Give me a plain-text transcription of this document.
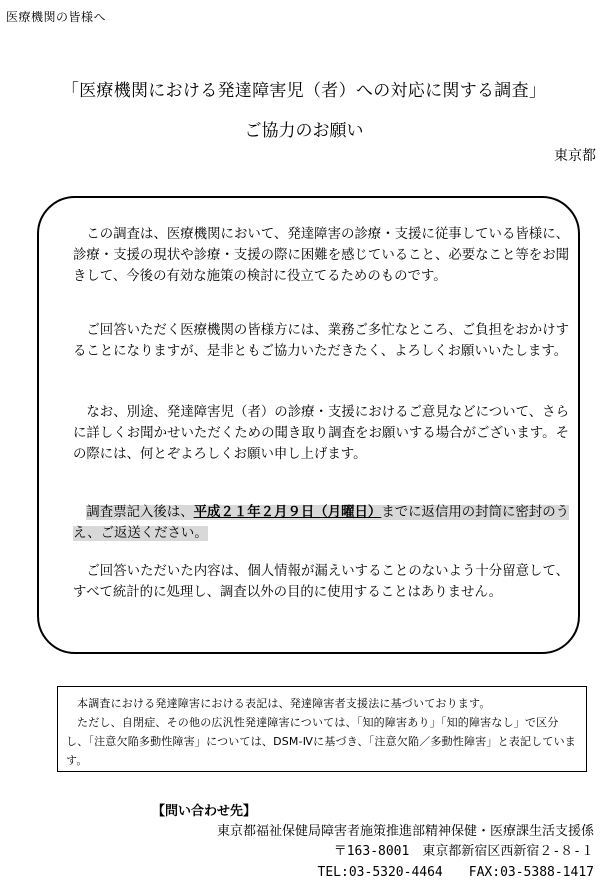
医療機関の皆様へ
「医療機関における発達障害児（者）への対応に関する調査」
ご協力のお願い
東京都

この調査は、医療機関において、発達障害の診療・支援に従事している皆様に、診療・支援の現状や診療・支援の際に困難を感じていること、必要なこと等をお聞きして、今後の有効な施策の検討に役立てるためのものです。

ご回答いただく医療機関の皆様方には、業務ご多忙なところ、ご負担をおかけすることになりますが、是非ともご協力いただきたく、よろしくお願いいたします。

なお、別途、発達障害児（者）の診療・支援におけるご意見などについて、さらに詳しくお聞かせいただくための聞き取り調査をお願いする場合がございます。その際には、何とぞよろしくお願い申し上げます。

調査票記入後は、平成２１年２月９日（月曜日）までに返信用の封筒に密封のうえ、ご返送ください。

ご回答いただいた内容は、個人情報が漏えいすることのないよう十分留意して、すべて統計的に処理し、調査以外の目的に使用することはありません。

本調査における発達障害における表記は、発達障害者支援法に基づいております。

ただし、自閉症、その他の広汎性発達障害については、「知的障害あり」「知的障害なし」で区分し、「注意欠陥多動性障害」については、DSM-Ⅳに基づき、「注意欠陥／多動性障害」と表記しています。

【問い合わせ先】
東京都福祉保健局障害者施策推進部精神保健・医療課生活支援係
〒163-8001　東京都新宿区西新宿２-８-１
TEL:03-5320-4464　　FAX:03-5388-1417
